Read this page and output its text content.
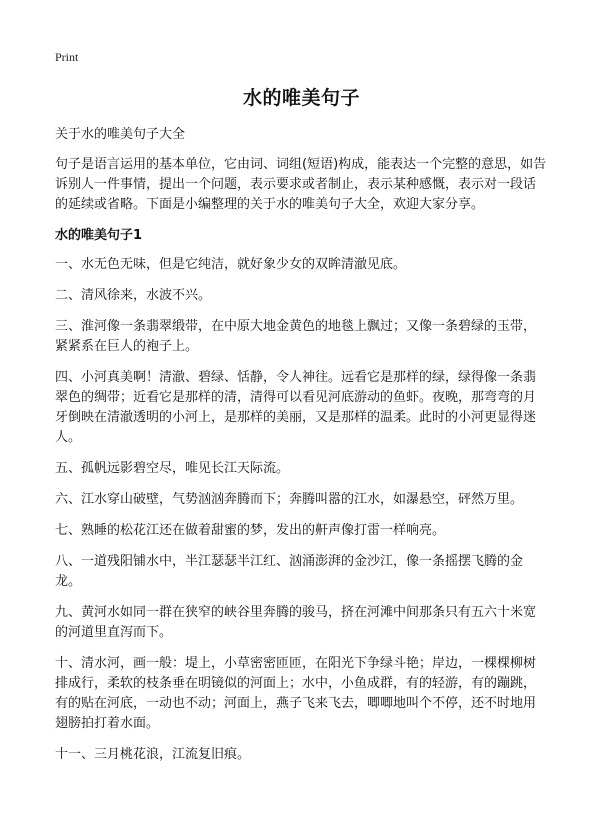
Print
水的唯美句子

关于水的唯美句子大全

句子是语言运用的基本单位，它由词、词组(短语)构成，能表达一个完整的意思，如告诉别人一件事情，提出一个问题，表示要求或者制止，表示某种感慨，表示对一段话的延续或省略。下面是小编整理的关于水的唯美句子大全，欢迎大家分享。

水的唯美句子1
一、水无色无味，但是它纯洁，就好象少女的双眸清澈见底。
二、清风徐来，水波不兴。
三、淮河像一条翡翠缎带，在中原大地金黄色的地毯上飘过；又像一条碧绿的玉带，紧紧系在巨人的袍子上。
四、小河真美啊！清澈、碧绿、恬静，令人神往。远看它是那样的绿，绿得像一条翡翠色的绸带；近看它是那样的清，清得可以看见河底游动的鱼虾。夜晚，那弯弯的月牙倒映在清澈透明的小河上，是那样的美丽，又是那样的温柔。此时的小河更显得迷人。
五、孤帆远影碧空尽，唯见长江天际流。
六、江水穿山破壁，气势汹汹奔腾而下；奔腾叫嚣的江水，如瀑悬空，砰然万里。
七、熟睡的松花江还在做着甜蜜的梦，发出的鼾声像打雷一样响亮。
八、一道残阳铺水中，半江瑟瑟半江红、汹涌澎湃的金沙江，像一条摇摆飞腾的金龙。
九、黄河水如同一群在狭窄的峡谷里奔腾的骏马，挤在河滩中间那条只有五六十米宽的河道里直泻而下。
十、清水河，画一般：堤上，小草密密匝匝，在阳光下争绿斗艳；岸边，一棵棵柳树排成行，柔软的枝条垂在明镜似的河面上；水中，小鱼成群，有的轻游，有的蹦跳，有的贴在河底，一动也不动；河面上，燕子飞来飞去，唧唧地叫个不停，还不时地用翅膀拍打着水面。
十一、三月桃花浪，江流复旧痕。
